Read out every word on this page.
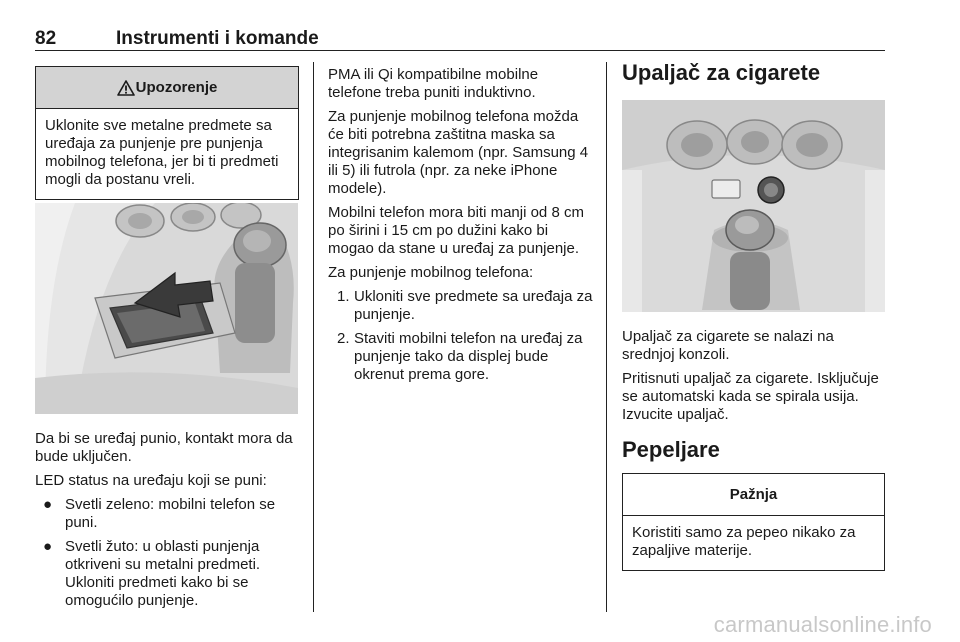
82	Instrumenti i komande
Upozorenje
Uklonite sve metalne predmete sa uređaja za punjenje pre punjenja mobilnog telefona, jer bi ti predmeti mogli da postanu vreli.

Da bi se uređaj punio, kontakt mora da bude uključen.

LED status na uređaju koji se puni:

● Svetli zeleno: mobilni telefon se puni.
● Svetli žuto: u oblasti punjenja otkriveni su metalni predmeti. Ukloniti predmeti kako bi se omogućilo punjenje.

PMA ili Qi kompatibilne mobilne telefone treba puniti induktivno.

Za punjenje mobilnog telefona možda će biti potrebna zaštitna maska sa integrisanim kalemom (npr. Samsung 4 ili 5) ili futrola (npr. za neke iPhone modele).

Mobilni telefon mora biti manji od 8 cm po širini i 15 cm po dužini kako bi mogao da stane u uređaj za punjenje.

Za punjenje mobilnog telefona:

1. Ukloniti sve predmete sa uređaja za punjenje.
2. Staviti mobilni telefon na uređaj za punjenje tako da displej bude okrenut prema gore.
Upaljač za cigarete

Upaljač za cigarete se nalazi na srednjoj konzoli.

Pritisnuti upaljač za cigarete. Isključuje se automatski kada se spirala usija. Izvucite upaljač.

Pepeljare
Pažnja
Koristiti samo za pepeo nikako za zapaljive materije.
carmanualsonline.info
